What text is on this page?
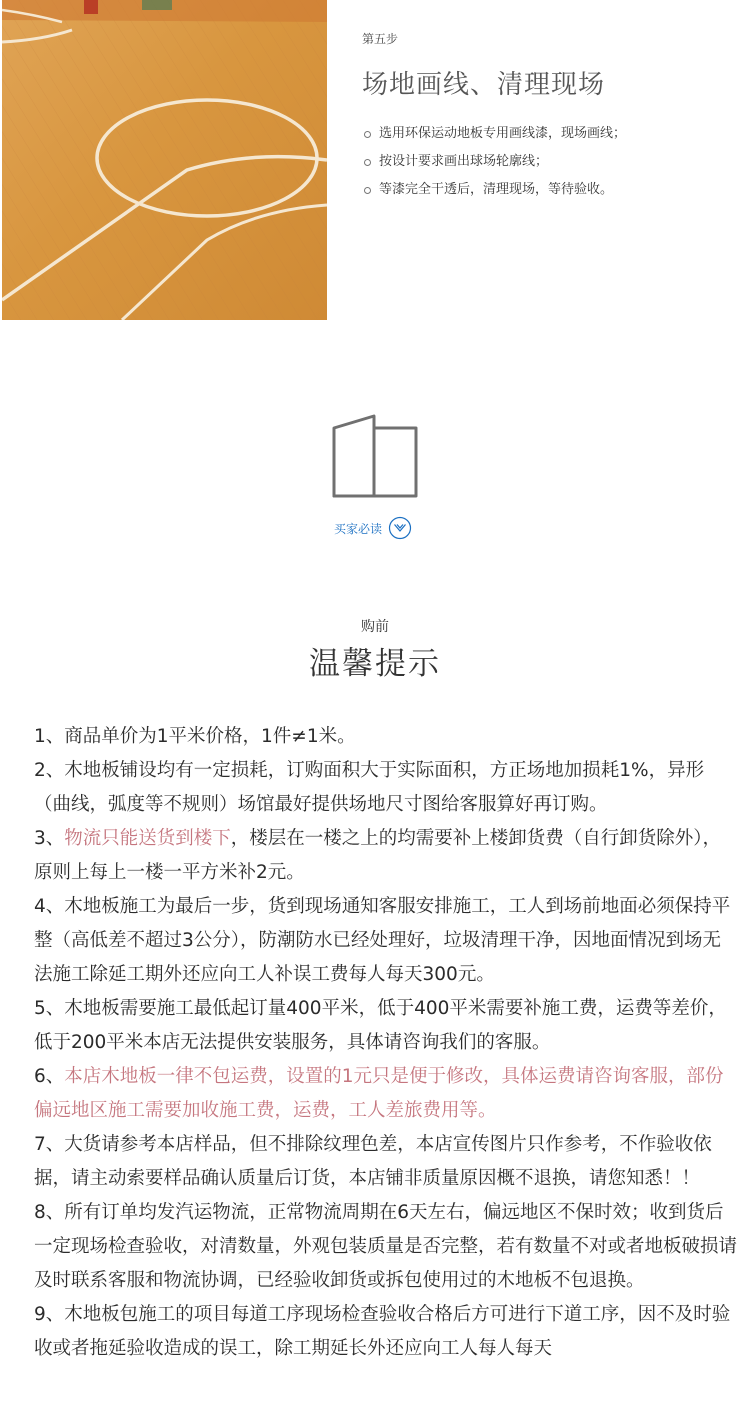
第五步
场地画线、清理现场
选用环保运动地板专用画线漆，现场画线；
按设计要求画出球场轮廓线；
等漆完全干透后，清理现场，等待验收。
买家必读
购前
温馨提示

1、商品单价为1平米价格，1件≠1米。

2、木地板铺设均有一定损耗，订购面积大于实际面积，方正场地加损耗1%，异形（曲线，弧度等不规则）场馆最好提供场地尺寸图给客服算好再订购。

3、物流只能送货到楼下，楼层在一楼之上的均需要补上楼卸货费（自行卸货除外），原则上每上一楼一平方米补2元。

4、木地板施工为最后一步，货到现场通知客服安排施工，工人到场前地面必须保持平整（高低差不超过3公分），防潮防水已经处理好，垃圾清理干净，因地面情况到场无法施工除延工期外还应向工人补误工费每人每天300元。

5、木地板需要施工最低起订量400平米，低于400平米需要补施工费，运费等差价，低于200平米本店无法提供安装服务，具体请咨询我们的客服。

6、本店木地板一律不包运费，设置的1元只是便于修改，具体运费请咨询客服，部份偏远地区施工需要加收施工费，运费，工人差旅费用等。

7、大货请参考本店样品，但不排除纹理色差，本店宣传图片只作参考，不作验收依据，请主动索要样品确认质量后订货，本店铺非质量原因概不退换，请您知悉！！

8、所有订单均发汽运物流，正常物流周期在6天左右，偏远地区不保时效；收到货后一定现场检查验收，对清数量，外观包装质量是否完整，若有数量不对或者地板破损请及时联系客服和物流协调，已经验收卸货或拆包使用过的木地板不包退换。

9、木地板包施工的项目每道工序现场检查验收合格后方可进行下道工序，因不及时验收或者拖延验收造成的误工，除工期延长外还应向工人每人每天
